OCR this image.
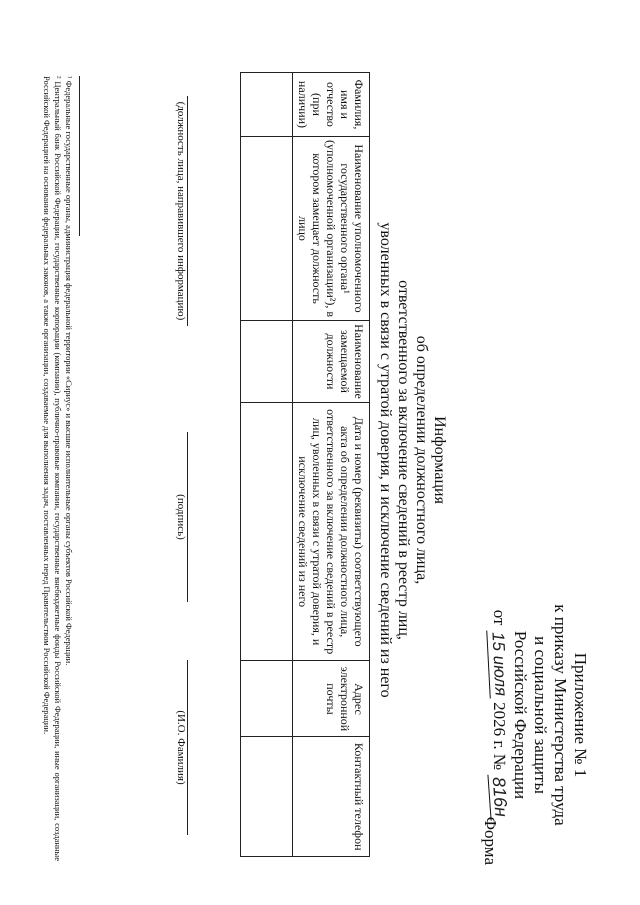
Приложение № 1
к приказу Министерства труда
и социальной защиты
Российской Федерации
от 15 июля 2026 г. № 816н
Форма
Информация
об определении должностного лица,
ответственного за включение сведений в реестр лиц,
уволенных в связи с утратой доверия, и исключение сведений из него
Фамилия, имя и отчество (при наличии)	Наименование уполномоченного государственного органа¹ (уполномоченной организации²), в котором замещает должность лицо	Наименование замещаемой должности	Дата и номер (реквизиты) соответствующего акта об определении должностного лица, ответственного за включение сведений в реестр лиц, уволенных в связи с утратой доверия, и исключение сведений из него	Адрес электронной почты	Контактный телефон

(должность лица, направившего информацию)
(подпись)
(И.О. Фамилия)

¹ Федеральные государственные органы, администрация федеральной территории «Сириус» и высшие исполнительные органы субъектов Российской Федерации.

² Центральный банк Российской Федерации, государственные корпорации (компании), публично-правовые компании, государственные внебюджетные фонды Российской Федерации, иные организации, созданные Российской Федерацией на основании федеральных законов, а также организации, создаваемые для выполнения задач, поставленных перед Правительством Российской Федерации.
